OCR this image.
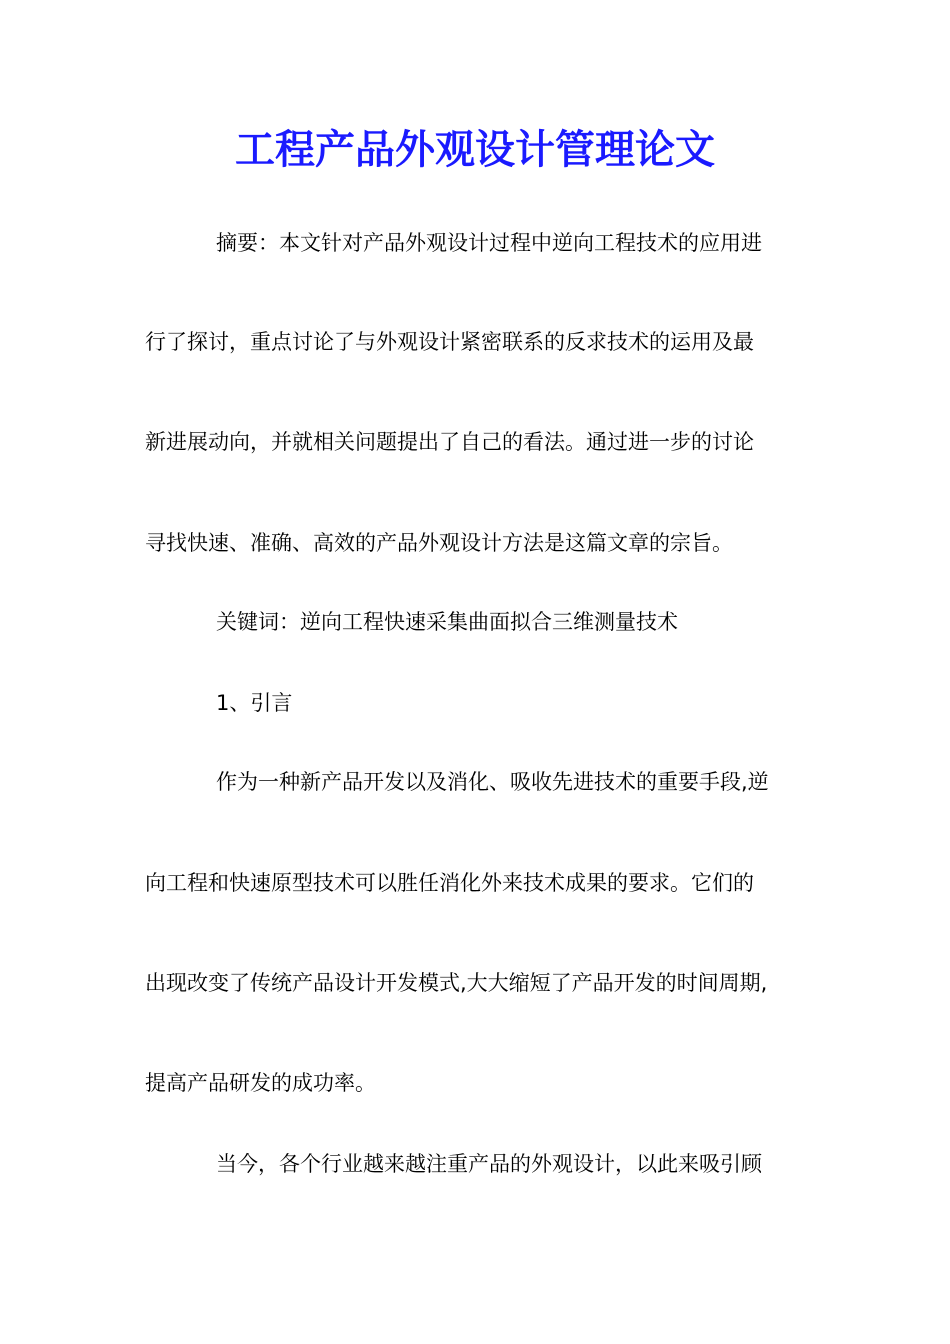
工程产品外观设计管理论文
摘要：本文针对产品外观设计过程中逆向工程技术的应用进
行了探讨，重点讨论了与外观设计紧密联系的反求技术的运用及最
新进展动向，并就相关问题提出了自己的看法。通过进一步的讨论
寻找快速、准确、高效的产品外观设计方法是这篇文章的宗旨。
关键词：逆向工程快速采集曲面拟合三维测量技术
1、引言
作为一种新产品开发以及消化、吸收先进技术的重要手段,逆
向工程和快速原型技术可以胜任消化外来技术成果的要求。它们的
出现改变了传统产品设计开发模式,大大缩短了产品开发的时间周期,
提高产品研发的成功率。
当今，各个行业越来越注重产品的外观设计，以此来吸引顾
